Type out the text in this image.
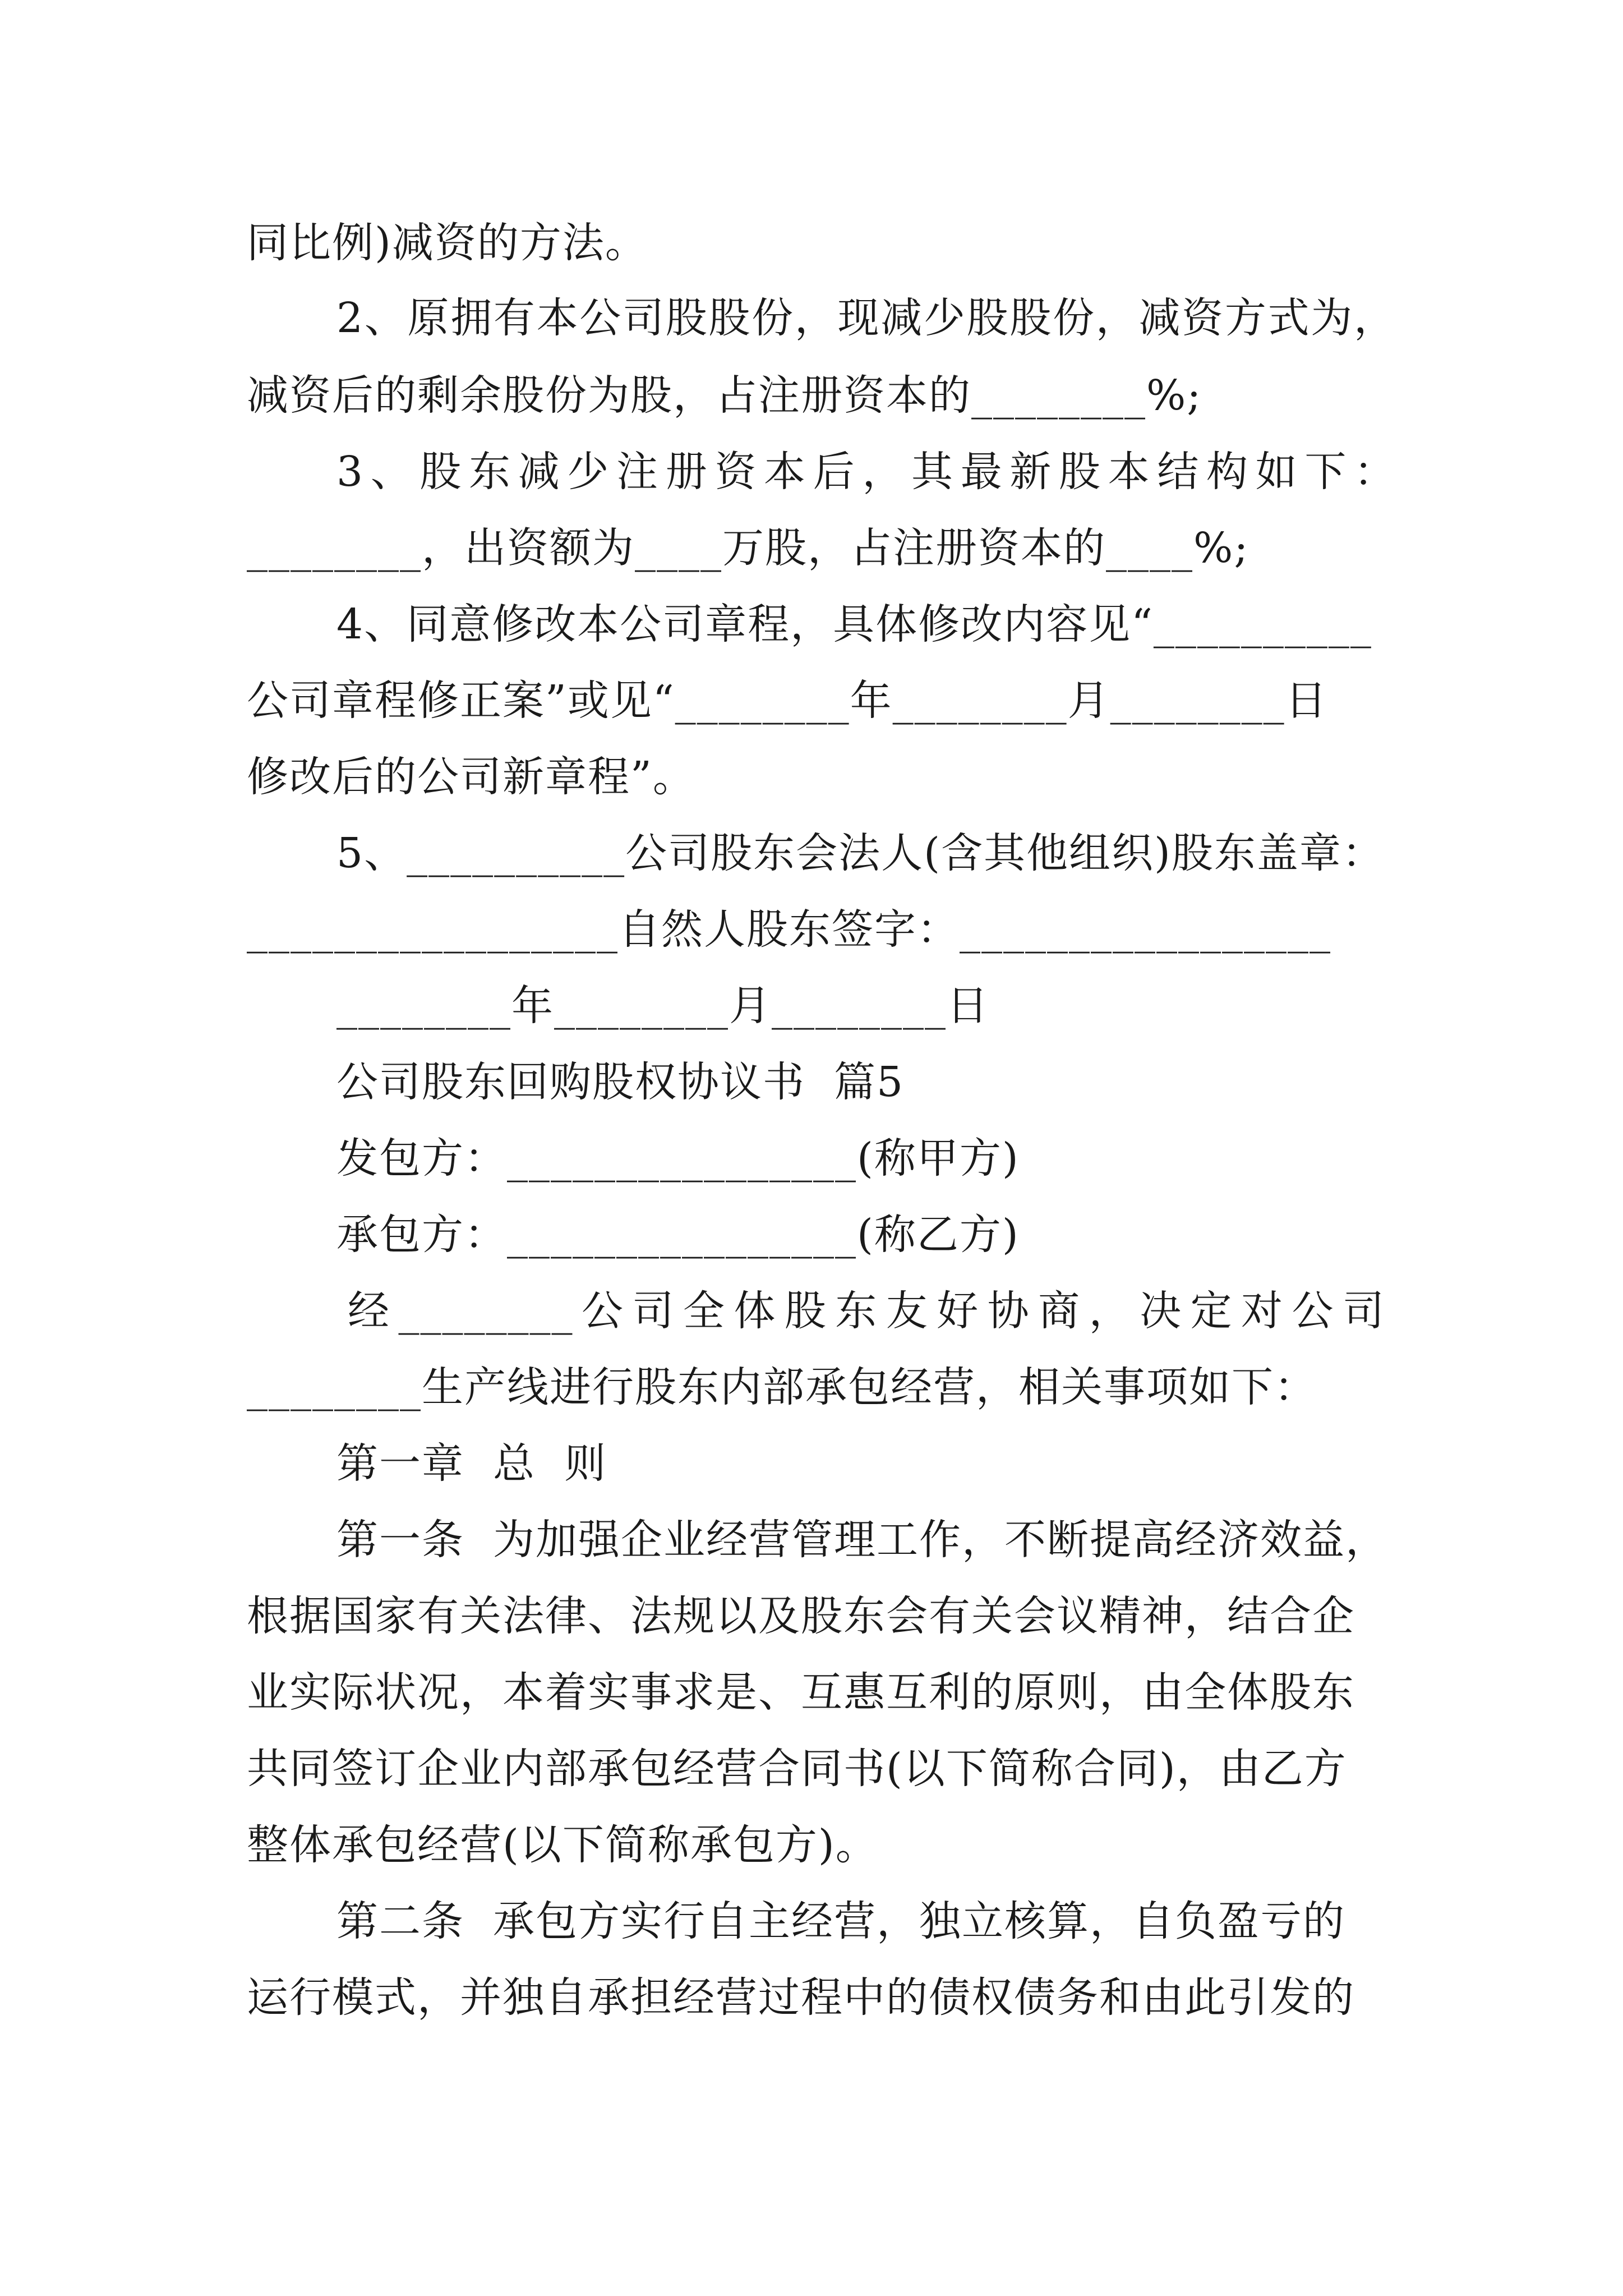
同比例)减资的方法。
2、原拥有本公司股股份，现减少股股份，减资方式为，
减资后的剩余股份为股，占注册资本的________%;
3、股东减少注册资本后，其最新股本结构如下：
________，出资额为____万股，占注册资本的____%;
4、同意修改本公司章程，具体修改内容见“__________
公司章程修正案”或见“________年________月________日
修改后的公司新章程”。
5、__________公司股东会法人(含其他组织)股东盖章：
_________________自然人股东签字：_________________
________年________月________日
公司股东回购股权协议书  篇5
发包方：________________(称甲方)
承包方：________________(称乙方)
经________公司全体股东友好协商，决定对公司
________生产线进行股东内部承包经营，相关事项如下：
第一章  总  则
第一条  为加强企业经营管理工作，不断提高经济效益，
根据国家有关法律、法规以及股东会有关会议精神，结合企
业实际状况，本着实事求是、互惠互利的原则，由全体股东
共同签订企业内部承包经营合同书(以下简称合同)，由乙方
整体承包经营(以下简称承包方)。
第二条  承包方实行自主经营，独立核算，自负盈亏的
运行模式，并独自承担经营过程中的债权债务和由此引发的
